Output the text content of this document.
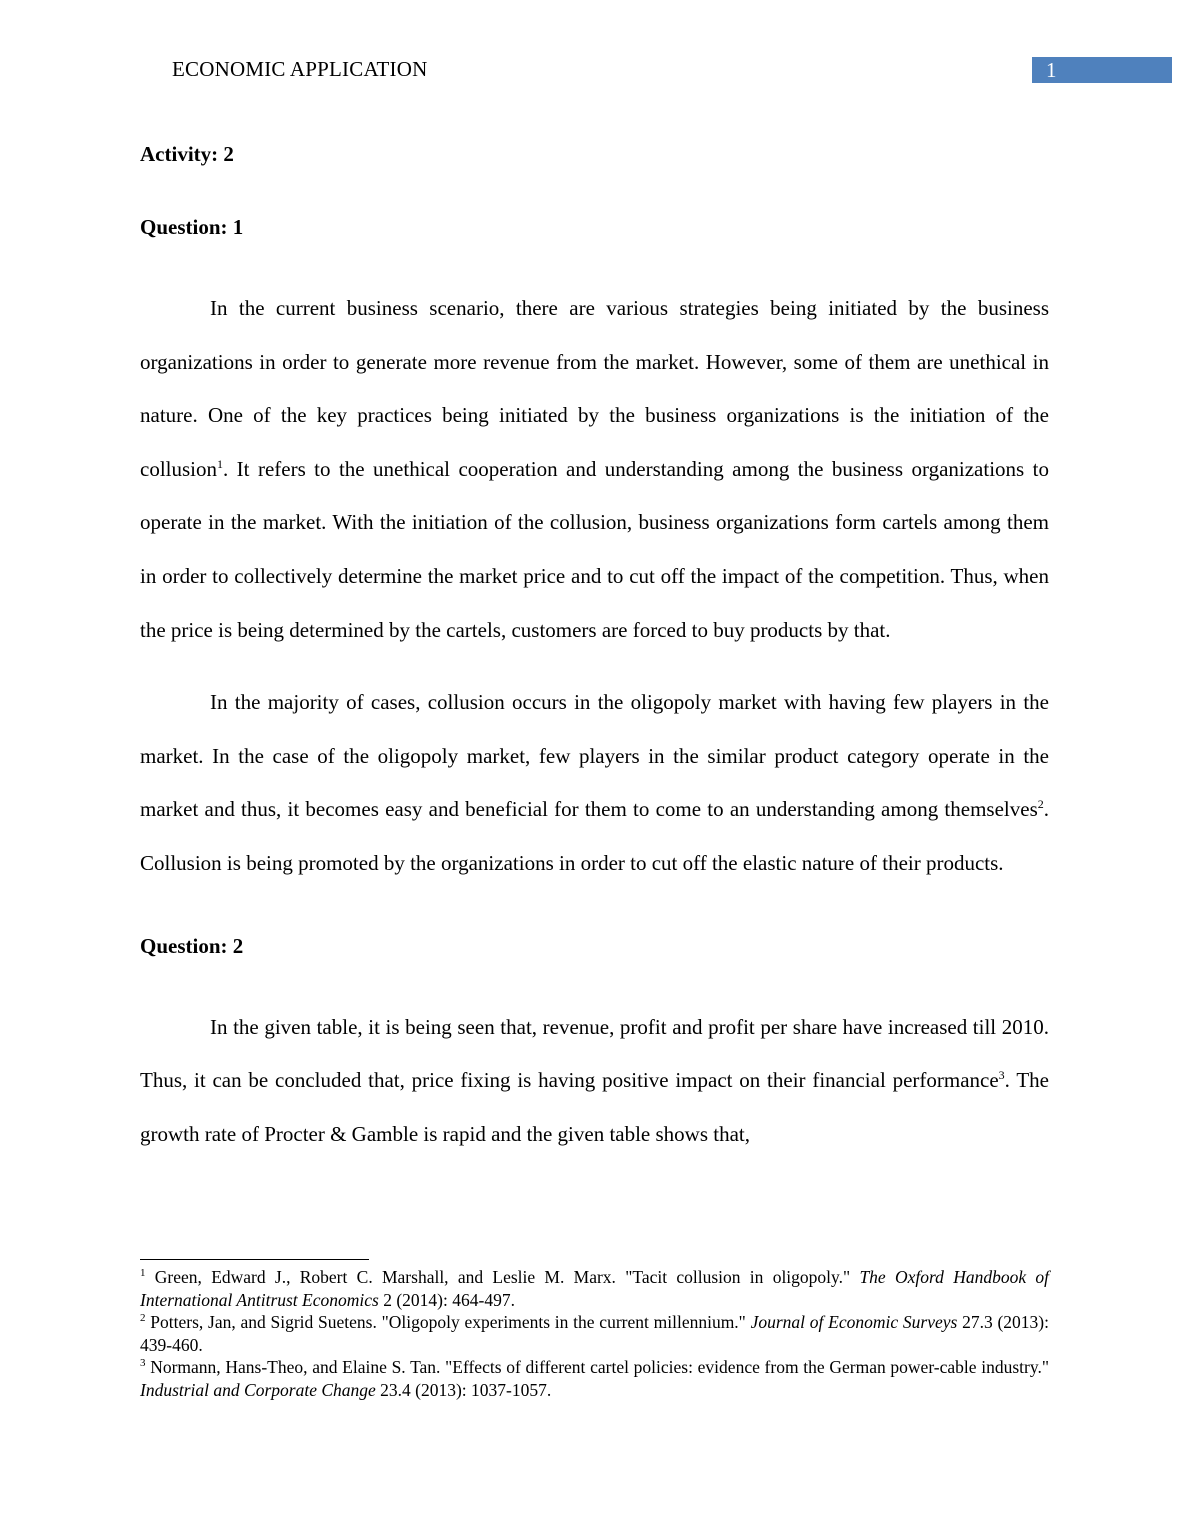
ECONOMIC APPLICATION	1

Activity: 2

Question: 1

In the current business scenario, there are various strategies being initiated by the business organizations in order to generate more revenue from the market. However, some of them are unethical in nature. One of the key practices being initiated by the business organizations is the initiation of the collusion$^1$. It refers to the unethical cooperation and understanding among the business organizations to operate in the market. With the initiation of the collusion, business organizations form cartels among them in order to collectively determine the market price and to cut off the impact of the competition. Thus, when the price is being determined by the cartels, customers are forced to buy products by that.

In the majority of cases, collusion occurs in the oligopoly market with having few players in the market. In the case of the oligopoly market, few players in the similar product category operate in the market and thus, it becomes easy and beneficial for them to come to an understanding among themselves$^2$. Collusion is being promoted by the organizations in order to cut off the elastic nature of their products.

Question: 2

In the given table, it is being seen that, revenue, profit and profit per share have increased till 2010. Thus, it can be concluded that, price fixing is having positive impact on their financial performance$^3$. The growth rate of Procter & Gamble is rapid and the given table shows that,

$^1$ Green, Edward J., Robert C. Marshall, and Leslie M. Marx. "Tacit collusion in oligopoly." The Oxford Handbook of International Antitrust Economics 2 (2014): 464-497.

$^2$ Potters, Jan, and Sigrid Suetens. "Oligopoly experiments in the current millennium." Journal of Economic Surveys 27.3 (2013): 439-460.

$^3$ Normann, Hans-Theo, and Elaine S. Tan. "Effects of different cartel policies: evidence from the German power-cable industry." Industrial and Corporate Change 23.4 (2013): 1037-1057.
